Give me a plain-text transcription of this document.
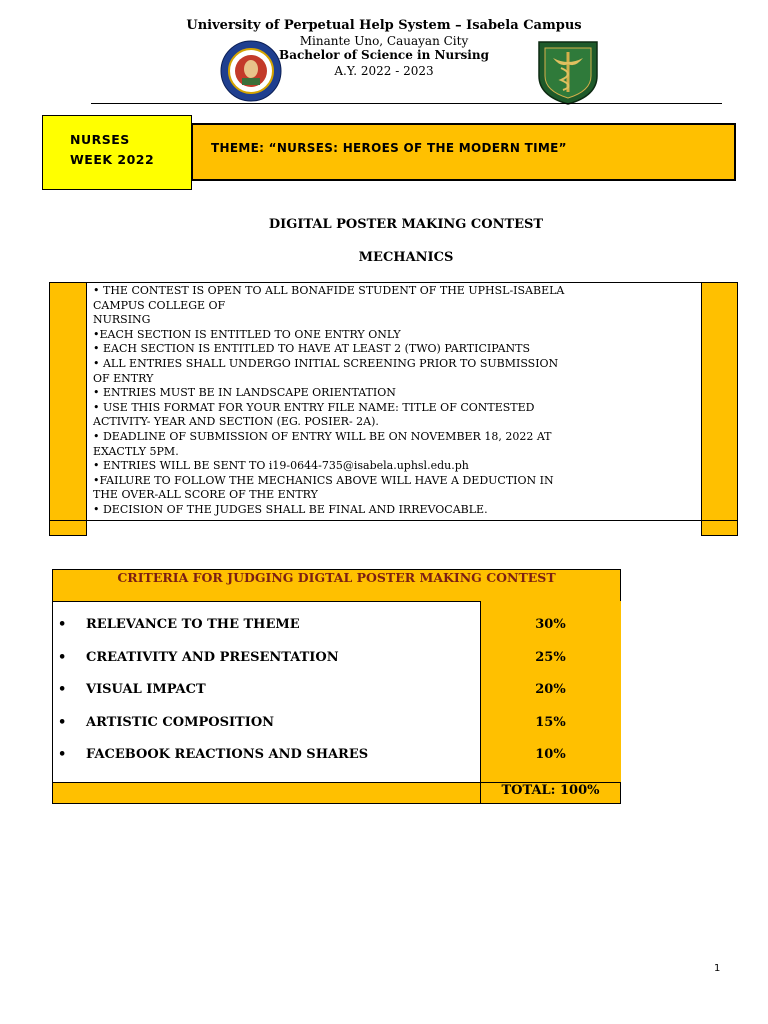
University of Perpetual Help System – Isabela Campus
Minante Uno, Cauayan City
Bachelor of Science in Nursing
A.Y. 2022 - 2023
THEME: “NURSES: HEROES OF THE MODERN TIME”
NURSES
WEEK 2022
DIGITAL POSTER MAKING CONTEST
MECHANICS
• THE CONTEST IS OPEN TO ALL BONAFIDE STUDENT OF THE UPHSL-ISABELA
CAMPUS COLLEGE OF
NURSING
•EACH SECTION IS ENTITLED TO ONE ENTRY ONLY
• EACH SECTION IS ENTITLED TO HAVE AT LEAST 2 (TWO) PARTICIPANTS
• ALL ENTRIES SHALL UNDERGO INITIAL SCREENING PRIOR TO SUBMISSION
OF ENTRY
• ENTRIES MUST BE IN LANDSCAPE ORIENTATION
• USE THIS FORMAT FOR YOUR ENTRY FILE NAME: TITLE OF CONTESTED
ACTIVITY- YEAR AND SECTION (EG. POSIER- 2A).
• DEADLINE OF SUBMISSION OF ENTRY WILL BE ON NOVEMBER 18, 2022 AT
EXACTLY 5PM.
• ENTRIES WILL BE SENT TO i19-0644-735@isabela.uphsl.edu.ph
•FAILURE TO FOLLOW THE MECHANICS ABOVE WILL HAVE A DEDUCTION IN
THE OVER-ALL SCORE OF THE ENTRY
• DECISION OF THE JUDGES SHALL BE FINAL AND IRREVOCABLE.
CRITERIA FOR JUDGING DIGTAL POSTER MAKING CONTEST
• RELEVANCE TO THE THEME	30%
• CREATIVITY AND PRESENTATION	25%
• VISUAL IMPACT	20%
• ARTISTIC COMPOSITION	15%
• FACEBOOK REACTIONS AND SHARES	10%
TOTAL: 100%
1
